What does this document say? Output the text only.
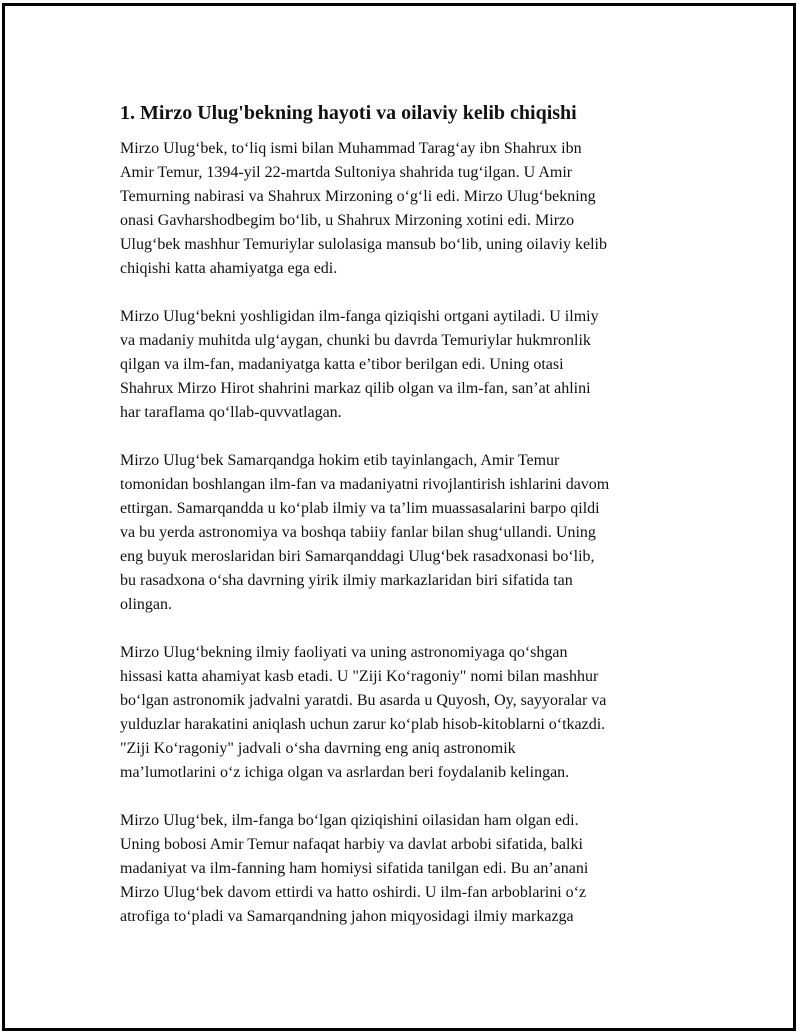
1. Mirzo Ulug'bekning hayoti va oilaviy kelib chiqishi
Mirzo Ulug‘bek, to‘liq ismi bilan Muhammad Tarag‘ay ibn Shahrux ibn
Amir Temur, 1394-yil 22-martda Sultoniya shahrida tug‘ilgan. U Amir
Temurning nabirasi va Shahrux Mirzoning o‘g‘li edi. Mirzo Ulug‘bekning
onasi Gavharshodbegim bo‘lib, u Shahrux Mirzoning xotini edi. Mirzo
Ulug‘bek mashhur Temuriylar sulolasiga mansub bo‘lib, uning oilaviy kelib
chiqishi katta ahamiyatga ega edi.
Mirzo Ulug‘bekni yoshligidan ilm-fanga qiziqishi ortgani aytiladi. U ilmiy
va madaniy muhitda ulg‘aygan, chunki bu davrda Temuriylar hukmronlik
qilgan va ilm-fan, madaniyatga katta e’tibor berilgan edi. Uning otasi
Shahrux Mirzo Hirot shahrini markaz qilib olgan va ilm-fan, san’at ahlini
har taraflama qo‘llab-quvvatlagan.
Mirzo Ulug‘bek Samarqandga hokim etib tayinlangach, Amir Temur
tomonidan boshlangan ilm-fan va madaniyatni rivojlantirish ishlarini davom
ettirgan. Samarqandda u ko‘plab ilmiy va ta’lim muassasalarini barpo qildi
va bu yerda astronomiya va boshqa tabiiy fanlar bilan shug‘ullandi. Uning
eng buyuk meroslaridan biri Samarqanddagi Ulug‘bek rasadxonasi bo‘lib,
bu rasadxona o‘sha davrning yirik ilmiy markazlaridan biri sifatida tan
olingan.
Mirzo Ulug‘bekning ilmiy faoliyati va uning astronomiyaga qo‘shgan
hissasi katta ahamiyat kasb etadi. U "Ziji Ko‘ragoniy" nomi bilan mashhur
bo‘lgan astronomik jadvalni yaratdi. Bu asarda u Quyosh, Oy, sayyoralar va
yulduzlar harakatini aniqlash uchun zarur ko‘plab hisob-kitoblarni o‘tkazdi.
"Ziji Ko‘ragoniy" jadvali o‘sha davrning eng aniq astronomik
ma’lumotlarini o‘z ichiga olgan va asrlardan beri foydalanib kelingan.
Mirzo Ulug‘bek, ilm-fanga bo‘lgan qiziqishini oilasidan ham olgan edi.
Uning bobosi Amir Temur nafaqat harbiy va davlat arbobi sifatida, balki
madaniyat va ilm-fanning ham homiysi sifatida tanilgan edi. Bu an’anani
Mirzo Ulug‘bek davom ettirdi va hatto oshirdi. U ilm-fan arboblarini o‘z
atrofiga to‘pladi va Samarqandning jahon miqyosidagi ilmiy markazga
